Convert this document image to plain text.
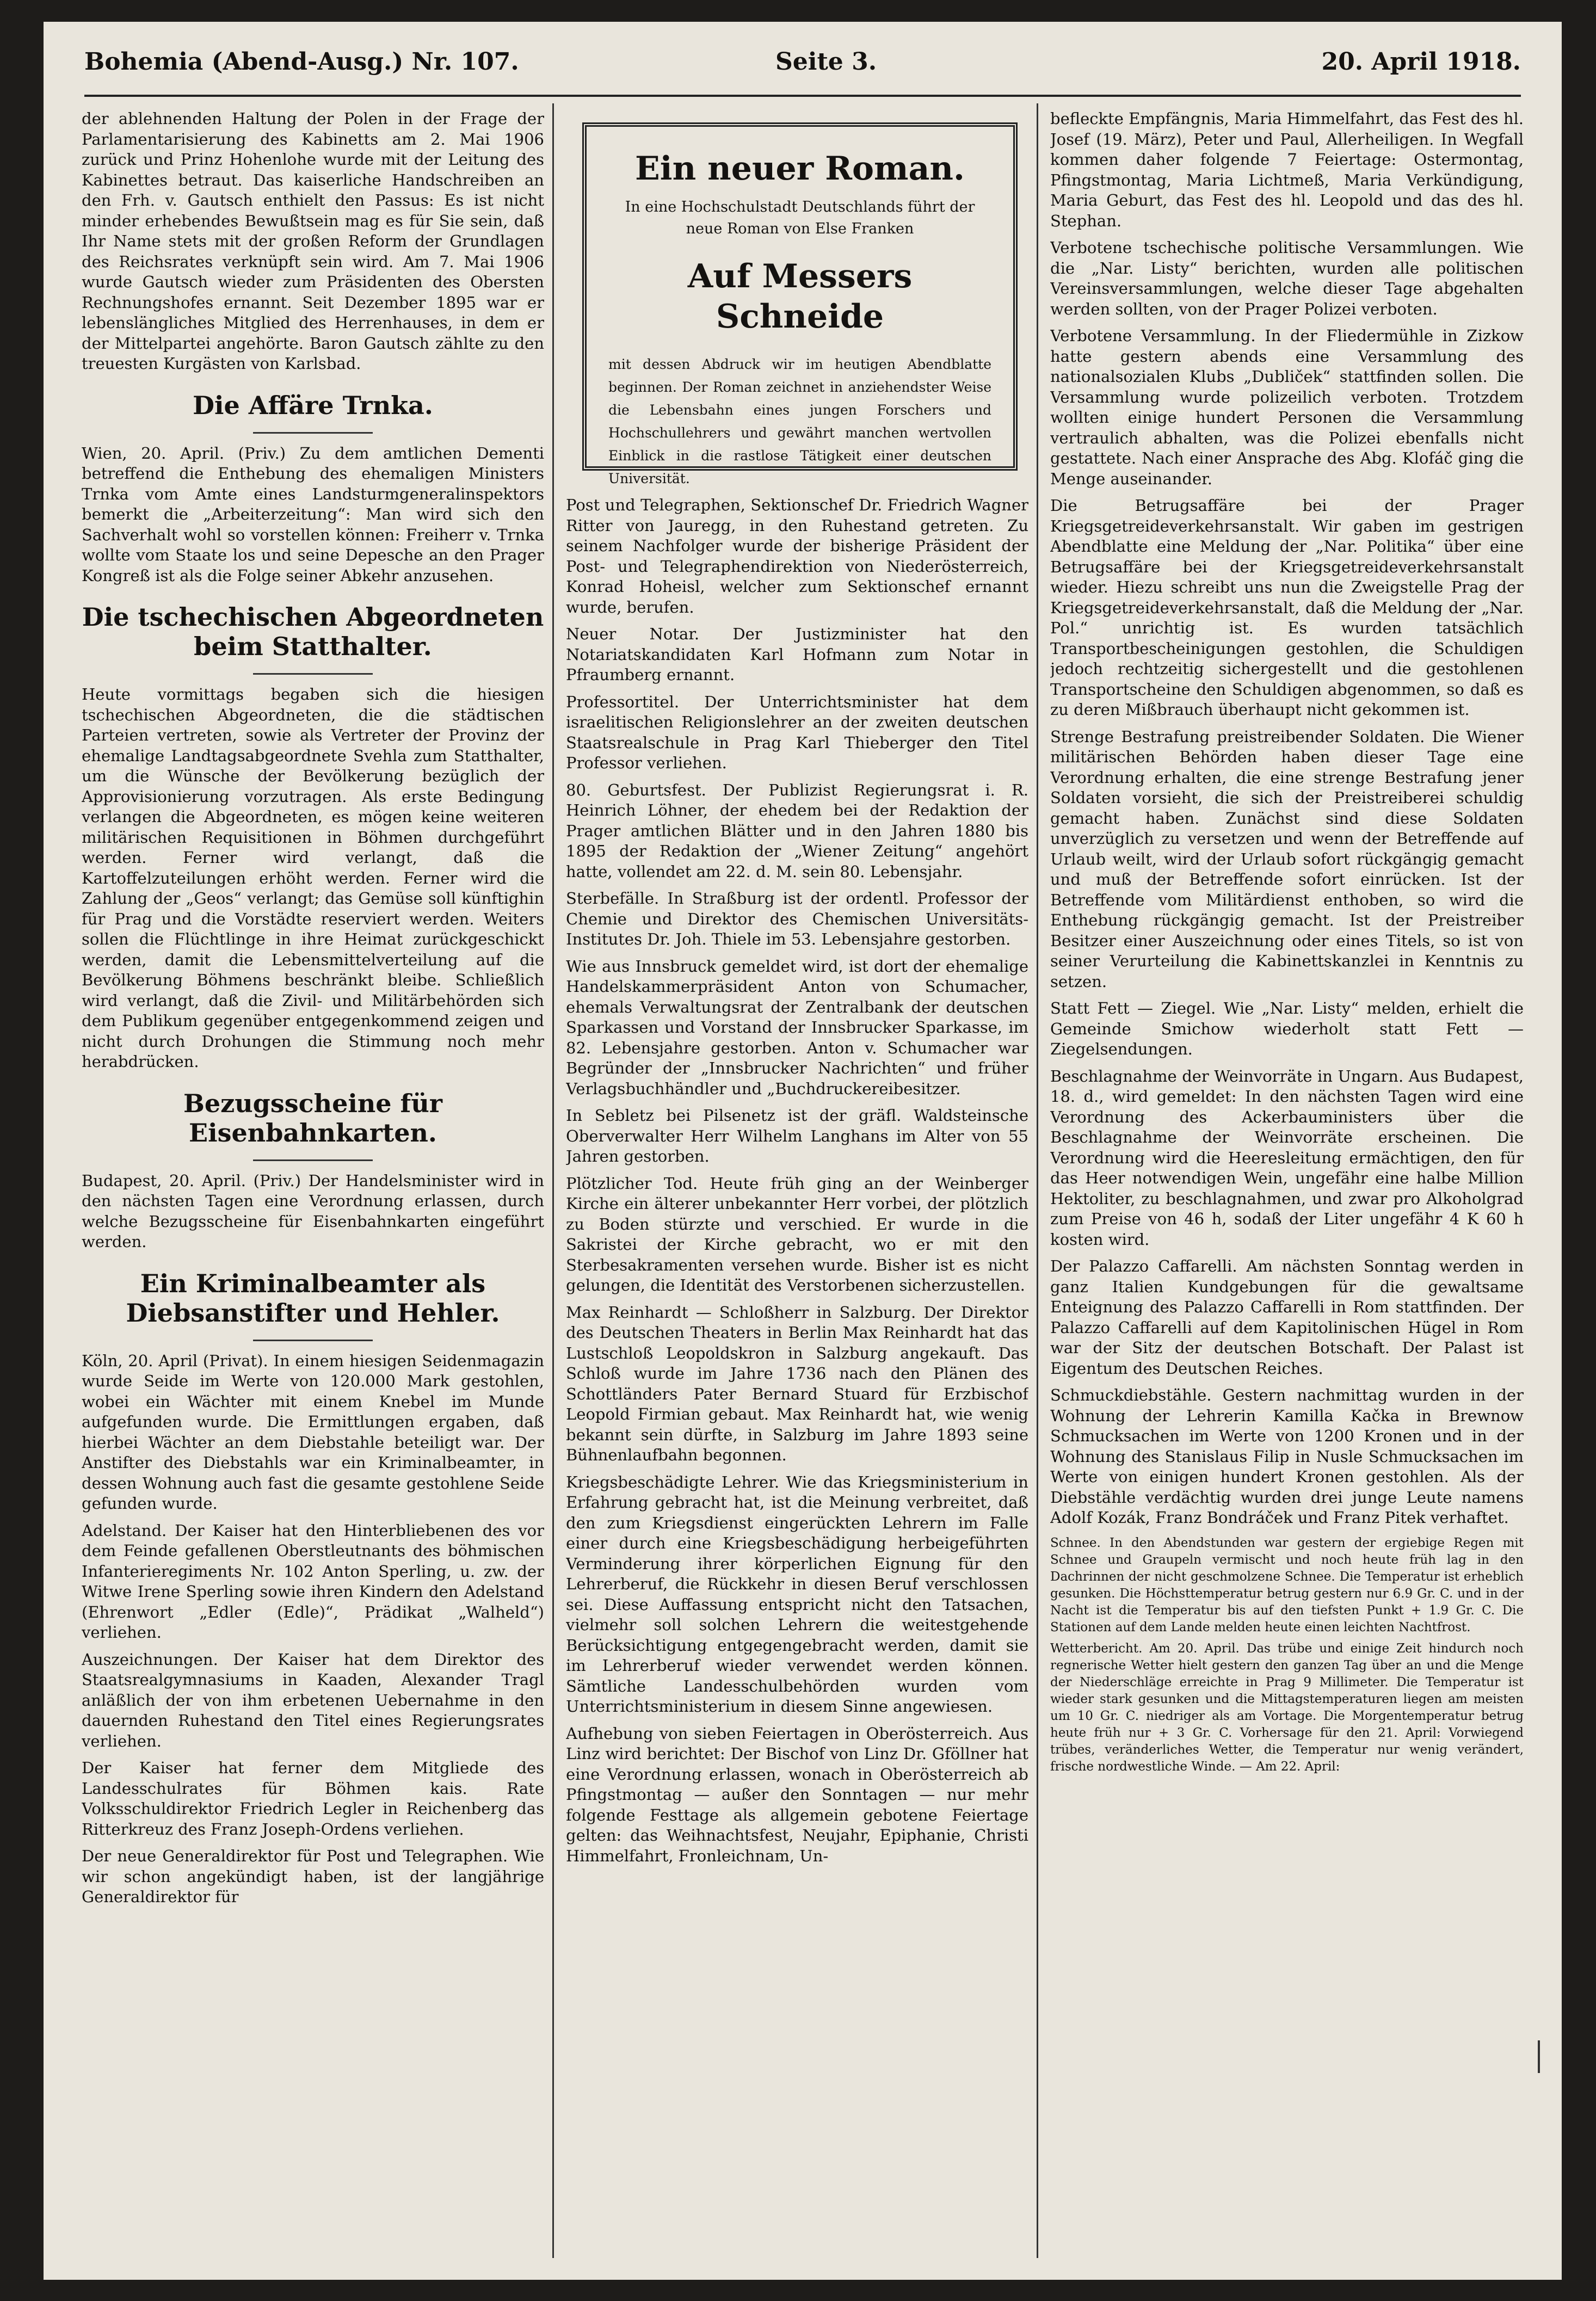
Bohemia (Abend-Ausg.) Nr. 107.	Seite 3.	20. April 1918.

der ablehnenden Haltung der Polen in der Frage der Parlamentarisierung des Kabinetts am 2. Mai 1906 zurück und Prinz Hohenlohe wurde mit der Leitung des Kabinettes betraut. Das kaiserliche Handschreiben an den Frh. v. Gautsch enthielt den Passus: Es ist nicht minder erhebendes Bewußtsein mag es für Sie sein, daß Ihr Name stets mit der großen Reform der Grundlagen des Reichsrates verknüpft sein wird. Am 7. Mai 1906 wurde Gautsch wieder zum Präsidenten des Obersten Rechnungshofes ernannt. Seit Dezember 1895 war er lebenslängliches Mitglied des Herrenhauses, in dem er der Mittelpartei angehörte. Baron Gautsch zählte zu den treuesten Kurgästen von Karlsbad.

Die Affäre Trnka.

Wien, 20. April. (Priv.) Zu dem amtlichen Dementi betreffend die Enthebung des ehemaligen Ministers Trnka vom Amte eines Landsturmgeneralinspektors bemerkt die „Arbeiterzeitung“: Man wird sich den Sachverhalt wohl so vorstellen können: Freiherr v. Trnka wollte vom Staate los und seine Depesche an den Prager Kongreß ist als die Folge seiner Abkehr anzusehen.

Die tschechischen Abgeordneten beim Statthalter.

Heute vormittags begaben sich die hiesigen tschechischen Abgeordneten, die die städtischen Parteien vertreten, sowie als Vertreter der Provinz der ehemalige Landtagsabgeordnete Svehla zum Statthalter, um die Wünsche der Bevölkerung bezüglich der Approvisionierung vorzutragen. Als erste Bedingung verlangen die Abgeordneten, es mögen keine weiteren militärischen Requisitionen in Böhmen durchgeführt werden. Ferner wird verlangt, daß die Kartoffelzuteilungen erhöht werden. Ferner wird die Zahlung der „Geos“ verlangt; das Gemüse soll künftighin für Prag und die Vorstädte reserviert werden. Weiters sollen die Flüchtlinge in ihre Heimat zurückgeschickt werden, damit die Lebensmittelverteilung auf die Bevölkerung Böhmens beschränkt bleibe. Schließlich wird verlangt, daß die Zivil- und Militärbehörden sich dem Publikum gegenüber entgegenkommend zeigen und nicht durch Drohungen die Stimmung noch mehr herabdrücken.

Bezugsscheine für Eisenbahnkarten.

Budapest, 20. April. (Priv.) Der Handelsminister wird in den nächsten Tagen eine Verordnung erlassen, durch welche Bezugsscheine für Eisenbahnkarten eingeführt werden.

Ein Kriminalbeamter als Diebsanstifter und Hehler.

Köln, 20. April (Privat). In einem hiesigen Seidenmagazin wurde Seide im Werte von 120.000 Mark gestohlen, wobei ein Wächter mit einem Knebel im Munde aufgefunden wurde. Die Ermittlungen ergaben, daß hierbei Wächter an dem Diebstahle beteiligt war. Der Anstifter des Diebstahls war ein Kriminalbeamter, in dessen Wohnung auch fast die gesamte gestohlene Seide gefunden wurde.

Adelstand. Der Kaiser hat den Hinterbliebenen des vor dem Feinde gefallenen Oberstleutnants des böhmischen Infanterieregiments Nr. 102 Anton Sperling, u. zw. der Witwe Irene Sperling sowie ihren Kindern den Adelstand (Ehrenwort „Edler (Edle)“, Prädikat „Walheld“) verliehen.

Auszeichnungen. Der Kaiser hat dem Direktor des Staatsrealgymnasiums in Kaaden, Alexander Tragl anläßlich der von ihm erbetenen Uebernahme in den dauernden Ruhestand den Titel eines Regierungsrates verliehen.

Der Kaiser hat ferner dem Mitgliede des Landesschulrates für Böhmen kais. Rate Volksschuldirektor Friedrich Legler in Reichenberg das Ritterkreuz des Franz Joseph-Ordens verliehen.

Der neue Generaldirektor für Post und Telegraphen. Wie wir schon angekündigt haben, ist der langjährige Generaldirektor für

Ein neuer Roman.
In eine Hochschulstadt Deutschlands führt der neue Roman von Else Franken
Auf Messers Schneide
mit dessen Abdruck wir im heutigen Abendblatte beginnen. Der Roman zeichnet in anziehendster Weise die Lebensbahn eines jungen Forschers und Hochschullehrers und gewährt manchen wertvollen Einblick in die rastlose Tätigkeit einer deutschen Universität.

Post und Telegraphen, Sektionschef Dr. Friedrich Wagner Ritter von Jauregg, in den Ruhestand getreten. Zu seinem Nachfolger wurde der bisherige Präsident der Post- und Telegraphendirektion von Niederösterreich, Konrad Hoheisl, welcher zum Sektionschef ernannt wurde, berufen.

Neuer Notar. Der Justizminister hat den Notariatskandidaten Karl Hofmann zum Notar in Pfraumberg ernannt.

Professortitel. Der Unterrichtsminister hat dem israelitischen Religionslehrer an der zweiten deutschen Staatsrealschule in Prag Karl Thieberger den Titel Professor verliehen.

80. Geburtsfest. Der Publizist Regierungsrat i. R. Heinrich Löhner, der ehedem bei der Redaktion der Prager amtlichen Blätter und in den Jahren 1880 bis 1895 der Redaktion der „Wiener Zeitung“ angehört hatte, vollendet am 22. d. M. sein 80. Lebensjahr.

Sterbefälle. In Straßburg ist der ordentl. Professor der Chemie und Direktor des Chemischen Universitäts-Institutes Dr. Joh. Thiele im 53. Lebensjahre gestorben.

Wie aus Innsbruck gemeldet wird, ist dort der ehemalige Handelskammerpräsident Anton von Schumacher, ehemals Verwaltungsrat der Zentralbank der deutschen Sparkassen und Vorstand der Innsbrucker Sparkasse, im 82. Lebensjahre gestorben. Anton v. Schumacher war Begründer der „Innsbrucker Nachrichten“ und früher Verlagsbuchhändler und „Buchdruckereibesitzer.

In Sebletz bei Pilsenetz ist der gräfl. Waldsteinsche Oberverwalter Herr Wilhelm Langhans im Alter von 55 Jahren gestorben.

Plötzlicher Tod. Heute früh ging an der Weinberger Kirche ein älterer unbekannter Herr vorbei, der plötzlich zu Boden stürzte und verschied. Er wurde in die Sakristei der Kirche gebracht, wo er mit den Sterbesakramenten versehen wurde. Bisher ist es nicht gelungen, die Identität des Verstorbenen sicherzustellen.

Max Reinhardt — Schloßherr in Salzburg. Der Direktor des Deutschen Theaters in Berlin Max Reinhardt hat das Lustschloß Leopoldskron in Salzburg angekauft. Das Schloß wurde im Jahre 1736 nach den Plänen des Schottländers Pater Bernard Stuard für Erzbischof Leopold Firmian gebaut. Max Reinhardt hat, wie wenig bekannt sein dürfte, in Salzburg im Jahre 1893 seine Bühnenlaufbahn begonnen.

Kriegsbeschädigte Lehrer. Wie das Kriegsministerium in Erfahrung gebracht hat, ist die Meinung verbreitet, daß den zum Kriegsdienst eingerückten Lehrern im Falle einer durch eine Kriegsbeschädigung herbeigeführten Verminderung ihrer körperlichen Eignung für den Lehrerberuf, die Rückkehr in diesen Beruf verschlossen sei. Diese Auffassung entspricht nicht den Tatsachen, vielmehr soll solchen Lehrern die weitestgehende Berücksichtigung entgegengebracht werden, damit sie im Lehrerberuf wieder verwendet werden können. Sämtliche Landesschulbehörden wurden vom Unterrichtsministerium in diesem Sinne angewiesen.

Aufhebung von sieben Feiertagen in Oberösterreich. Aus Linz wird berichtet: Der Bischof von Linz Dr. Gföllner hat eine Verordnung erlassen, wonach in Oberösterreich ab Pfingstmontag — außer den Sonntagen — nur mehr folgende Festtage als allgemein gebotene Feiertage gelten: das Weihnachtsfest, Neujahr, Epiphanie, Christi Himmelfahrt, Fronleichnam, Un-

befleckte Empfängnis, Maria Himmelfahrt, das Fest des hl. Josef (19. März), Peter und Paul, Allerheiligen. In Wegfall kommen daher folgende 7 Feiertage: Ostermontag, Pfingstmontag, Maria Lichtmeß, Maria Verkündigung, Maria Geburt, das Fest des hl. Leopold und das des hl. Stephan.

Verbotene tschechische politische Versammlungen. Wie die „Nar. Listy“ berichten, wurden alle politischen Vereinsversammlungen, welche dieser Tage abgehalten werden sollten, von der Prager Polizei verboten.

Verbotene Versammlung. In der Fliedermühle in Zizkow hatte gestern abends eine Versammlung des nationalsozialen Klubs „Dubliček“ stattfinden sollen. Die Versammlung wurde polizeilich verboten. Trotzdem wollten einige hundert Personen die Versammlung vertraulich abhalten, was die Polizei ebenfalls nicht gestattete. Nach einer Ansprache des Abg. Klofáč ging die Menge auseinander.

Die Betrugsaffäre bei der Prager Kriegsgetreideverkehrsanstalt. Wir gaben im gestrigen Abendblatte eine Meldung der „Nar. Politika“ über eine Betrugsaffäre bei der Kriegsgetreideverkehrsanstalt wieder. Hiezu schreibt uns nun die Zweigstelle Prag der Kriegsgetreideverkehrsanstalt, daß die Meldung der „Nar. Pol.“ unrichtig ist. Es wurden tatsächlich Transportbescheinigungen gestohlen, die Schuldigen jedoch rechtzeitig sichergestellt und die gestohlenen Transportscheine den Schuldigen abgenommen, so daß es zu deren Mißbrauch überhaupt nicht gekommen ist.

Strenge Bestrafung preistreibender Soldaten. Die Wiener militärischen Behörden haben dieser Tage eine Verordnung erhalten, die eine strenge Bestrafung jener Soldaten vorsieht, die sich der Preistreiberei schuldig gemacht haben. Zunächst sind diese Soldaten unverzüglich zu versetzen und wenn der Betreffende auf Urlaub weilt, wird der Urlaub sofort rückgängig gemacht und muß der Betreffende sofort einrücken. Ist der Betreffende vom Militärdienst enthoben, so wird die Enthebung rückgängig gemacht. Ist der Preistreiber Besitzer einer Auszeichnung oder eines Titels, so ist von seiner Verurteilung die Kabinettskanzlei in Kenntnis zu setzen.

Statt Fett — Ziegel. Wie „Nar. Listy“ melden, erhielt die Gemeinde Smichow wiederholt statt Fett — Ziegelsendungen.

Beschlagnahme der Weinvorräte in Ungarn. Aus Budapest, 18. d., wird gemeldet: In den nächsten Tagen wird eine Verordnung des Ackerbauministers über die Beschlagnahme der Weinvorräte erscheinen. Die Verordnung wird die Heeresleitung ermächtigen, den für das Heer notwendigen Wein, ungefähr eine halbe Million Hektoliter, zu beschlagnahmen, und zwar pro Alkoholgrad zum Preise von 46 h, sodaß der Liter ungefähr 4 K 60 h kosten wird.

Der Palazzo Caffarelli. Am nächsten Sonntag werden in ganz Italien Kundgebungen für die gewaltsame Enteignung des Palazzo Caffarelli in Rom stattfinden. Der Palazzo Caffarelli auf dem Kapitolinischen Hügel in Rom war der Sitz der deutschen Botschaft. Der Palast ist Eigentum des Deutschen Reiches.

Schmuckdiebstähle. Gestern nachmittag wurden in der Wohnung der Lehrerin Kamilla Kačka in Brewnow Schmucksachen im Werte von 1200 Kronen und in der Wohnung des Stanislaus Filip in Nusle Schmucksachen im Werte von einigen hundert Kronen gestohlen. Als der Diebstähle verdächtig wurden drei junge Leute namens Adolf Kozák, Franz Bondráček und Franz Pitek verhaftet.

Schnee. In den Abendstunden war gestern der ergiebige Regen mit Schnee und Graupeln vermischt und noch heute früh lag in den Dachrinnen der nicht geschmolzene Schnee. Die Temperatur ist erheblich gesunken. Die Höchsttemperatur betrug gestern nur 6.9 Gr. C. und in der Nacht ist die Temperatur bis auf den tiefsten Punkt + 1.9 Gr. C. Die Stationen auf dem Lande melden heute einen leichten Nachtfrost.

Wetterbericht. Am 20. April. Das trübe und einige Zeit hindurch noch regnerische Wetter hielt gestern den ganzen Tag über an und die Menge der Niederschläge erreichte in Prag 9 Millimeter. Die Temperatur ist wieder stark gesunken und die Mittagstemperaturen liegen am meisten um 10 Gr. C. niedriger als am Vortage. Die Morgentemperatur betrug heute früh nur + 3 Gr. C. Vorhersage für den 21. April: Vorwiegend trübes, veränderliches Wetter, die Temperatur nur wenig verändert, frische nordwestliche Winde. — Am 22. April:
